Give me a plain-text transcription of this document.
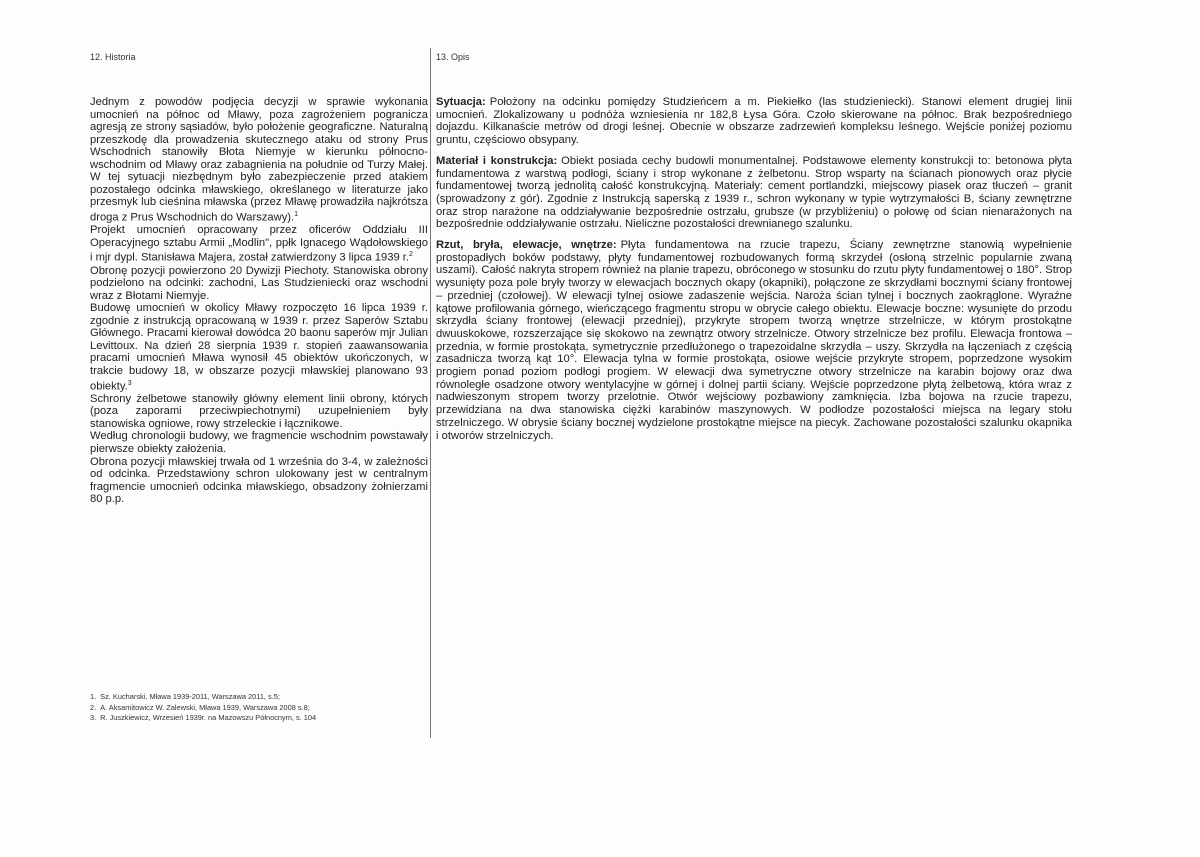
12. Historia	13. Opis

Jednym z powodów podjęcia decyzji w sprawie wykonania umocnień na północ od Mławy, poza zagrożeniem pogranicza agresją ze strony sąsiadów, było położenie geograficzne. Naturalną przeszkodę dla prowadzenia skutecznego ataku od strony Prus Wschodnich stanowiły Błota Niemyje w kierunku północno-wschodnim od Mławy oraz zabagnienia na południe od Turzy Małej. W tej sytuacji niezbędnym było zabezpieczenie przed atakiem pozostałego odcinka mławskiego, określanego w literaturze jako przesmyk lub cieśnina mławska (przez Mławę prowadziła najkrótsza droga z Prus Wschodnich do Warszawy).$^1$

Projekt umocnień opracowany przez oficerów Oddziału III Operacyjnego sztabu Armii „Modlin", ppłk Ignacego Wądołowskiego i mjr dypl. Stanisława Majera, został zatwierdzony 3 lipca 1939 r.$^2$

Obronę pozycji powierzono 20 Dywizji Piechoty. Stanowiska obrony podzielono na odcinki: zachodni, Las Studzieniecki oraz wschodni wraz z Błotami Niemyje.

Budowę umocnień w okolicy Mławy rozpoczęto 16 lipca 1939 r. zgodnie z instrukcją opracowaną w 1939 r. przez Saperów Sztabu Głównego. Pracami kierował dowódca 20 baonu saperów mjr Julian Levittoux. Na dzień 28 sierpnia 1939 r. stopień zaawansowania pracami umocnień Mława wynosił 45 obiektów ukończonych, w trakcie budowy 18, w obszarze pozycji mławskiej planowano 93 obiekty.$^3$

Schrony żelbetowe stanowiły główny element linii obrony, których (poza zaporami przeciwpiechotnymi) uzupełnieniem były stanowiska ogniowe, rowy strzeleckie i łącznikowe.

Według chronologii budowy, we fragmencie wschodnim powstawały pierwsze obiekty założenia.

Obrona pozycji mławskiej trwała od 1 września do 3-4, w zależności od odcinka. Przedstawiony schron ulokowany jest w centralnym fragmencie umocnień odcinka mławskiego, obsadzony żołnierzami 80 p.p.

1. Sz. Kucharski, Mława 1939-2011, Warszawa 2011, s.5;
2. A. Aksamitowicz W. Zalewski, Mława 1939, Warszawa 2008 s.8;
3. R. Juszkiewicz, Wrzesień 1939r. na Mazowszu Północnym, s. 104

Sytuacja: Położony na odcinku pomiędzy Studzieńcem a m. Piekiełko (las studzieniecki). Stanowi element drugiej linii umocnień. Zlokalizowany u podnóża wzniesienia nr 182,8 Łysa Góra. Czoło skierowane na północ. Brak bezpośredniego dojazdu. Kilkanaście metrów od drogi leśnej. Obecnie w obszarze zadrzewień kompleksu leśnego. Wejście poniżej poziomu gruntu, częściowo obsypany.

Materiał i konstrukcja: Obiekt posiada cechy budowli monumentalnej. Podstawowe elementy konstrukcji to: betonowa płyta fundamentowa z warstwą podłogi, ściany i strop wykonane z żelbetonu. Strop wsparty na ścianach pionowych oraz płycie fundamentowej tworzą jednolitą całość konstrukcyjną. Materiały: cement portlandzki, miejscowy piasek oraz tłuczeń – granit (sprowadzony z gór). Zgodnie z Instrukcją saperską z 1939 r., schron wykonany w typie wytrzymałości B, ściany zewnętrzne oraz strop narażone na oddziaływanie bezpośrednie ostrzału, grubsze (w przybliżeniu) o połowę od ścian nienarażonych na bezpośrednie oddziaływanie ostrzału. Nieliczne pozostałości drewnianego szalunku.

Rzut, bryła, elewacje, wnętrze: Płyta fundamentowa na rzucie trapezu, Ściany zewnętrzne stanowią wypełnienie prostopadłych boków podstawy, płyty fundamentowej rozbudowanych formą skrzydeł (osłoną strzelnic popularnie zwaną uszami). Całość nakryta stropem również na planie trapezu, obróconego w stosunku do rzutu płyty fundamentowej o 180°. Strop wysunięty poza pole bryły tworzy w elewacjach bocznych okapy (okapniki), połączone ze skrzydłami bocznymi ściany frontowej – przedniej (czołowej). W elewacji tylnej osiowe zadaszenie wejścia. Naroża ścian tylnej i bocznych zaokrąglone. Wyraźne kątowe profilowania górnego, wieńczącego fragmentu stropu w obrycie całego obiektu. Elewacje boczne: wysunięte do przodu skrzydła ściany frontowej (elewacji przedniej), przykryte stropem tworzą wnętrze strzelnicze, w którym prostokątne dwuuskokowe, rozszerzające się skokowo na zewnątrz otwory strzelnicze. Otwory strzelnicze bez profilu. Elewacja frontowa – przednia, w formie prostokąta, symetrycznie przedłużonego o trapezoidalne skrzydła – uszy. Skrzydła na łączeniach z częścią zasadnicza tworzą kąt 10°. Elewacja tylna w formie prostokąta, osiowe wejście przykryte stropem, poprzedzone wysokim progiem ponad poziom podłogi progiem. W elewacji dwa symetryczne otwory strzelnicze na karabin bojowy oraz dwa równoległe osadzone otwory wentylacyjne w górnej i dolnej partii ściany. Wejście poprzedzone płytą żelbetową, która wraz z nadwieszonym stropem tworzy przelotnie. Otwór wejściowy pozbawiony zamknięcia. Izba bojowa na rzucie trapezu, przewidziana na dwa stanowiska ciężki karabinów maszynowych. W podłodze pozostałości miejsca na legary stołu strzelniczego. W obrysie ściany bocznej wydzielone prostokątne miejsce na piecyk. Zachowane pozostałości szalunku okapnika i otworów strzelniczych.
